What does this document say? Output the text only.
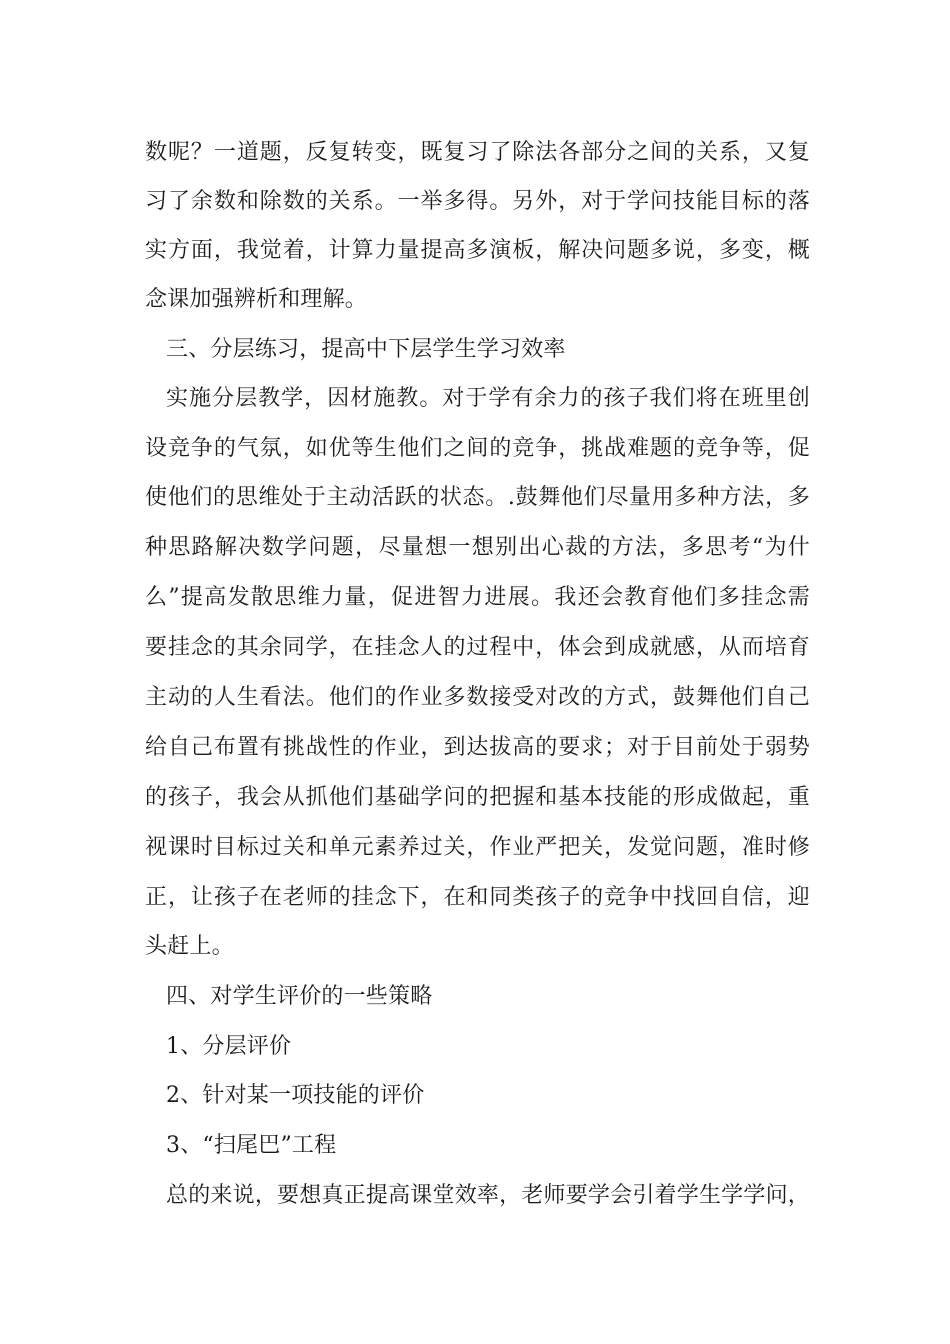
数呢？一道题，反复转变，既复习了除法各部分之间的关系，又复
习了余数和除数的关系。一举多得。另外，对于学问技能目标的落
实方面，我觉着，计算力量提高多演板，解决问题多说，多变，概
念课加强辨析和理解。
三、分层练习，提高中下层学生学习效率
实施分层教学，因材施教。对于学有余力的孩子我们将在班里创
设竞争的气氛，如优等生他们之间的竞争，挑战难题的竞争等，促
使他们的思维处于主动活跃的状态。.鼓舞他们尽量用多种方法，多
种思路解决数学问题，尽量想一想别出心裁的方法，多思考“为什
么”提高发散思维力量，促进智力进展。我还会教育他们多挂念需
要挂念的其余同学，在挂念人的过程中，体会到成就感，从而培育
主动的人生看法。他们的作业多数接受对改的方式，鼓舞他们自己
给自己布置有挑战性的作业，到达拔高的要求；对于目前处于弱势
的孩子，我会从抓他们基础学问的把握和基本技能的形成做起，重
视课时目标过关和单元素养过关，作业严把关，发觉问题，准时修
正，让孩子在老师的挂念下，在和同类孩子的竞争中找回自信，迎
头赶上。
四、对学生评价的一些策略
1、分层评价
2、针对某一项技能的评价
3、“扫尾巴”工程
总的来说，要想真正提高课堂效率，老师要学会引着学生学学问，
